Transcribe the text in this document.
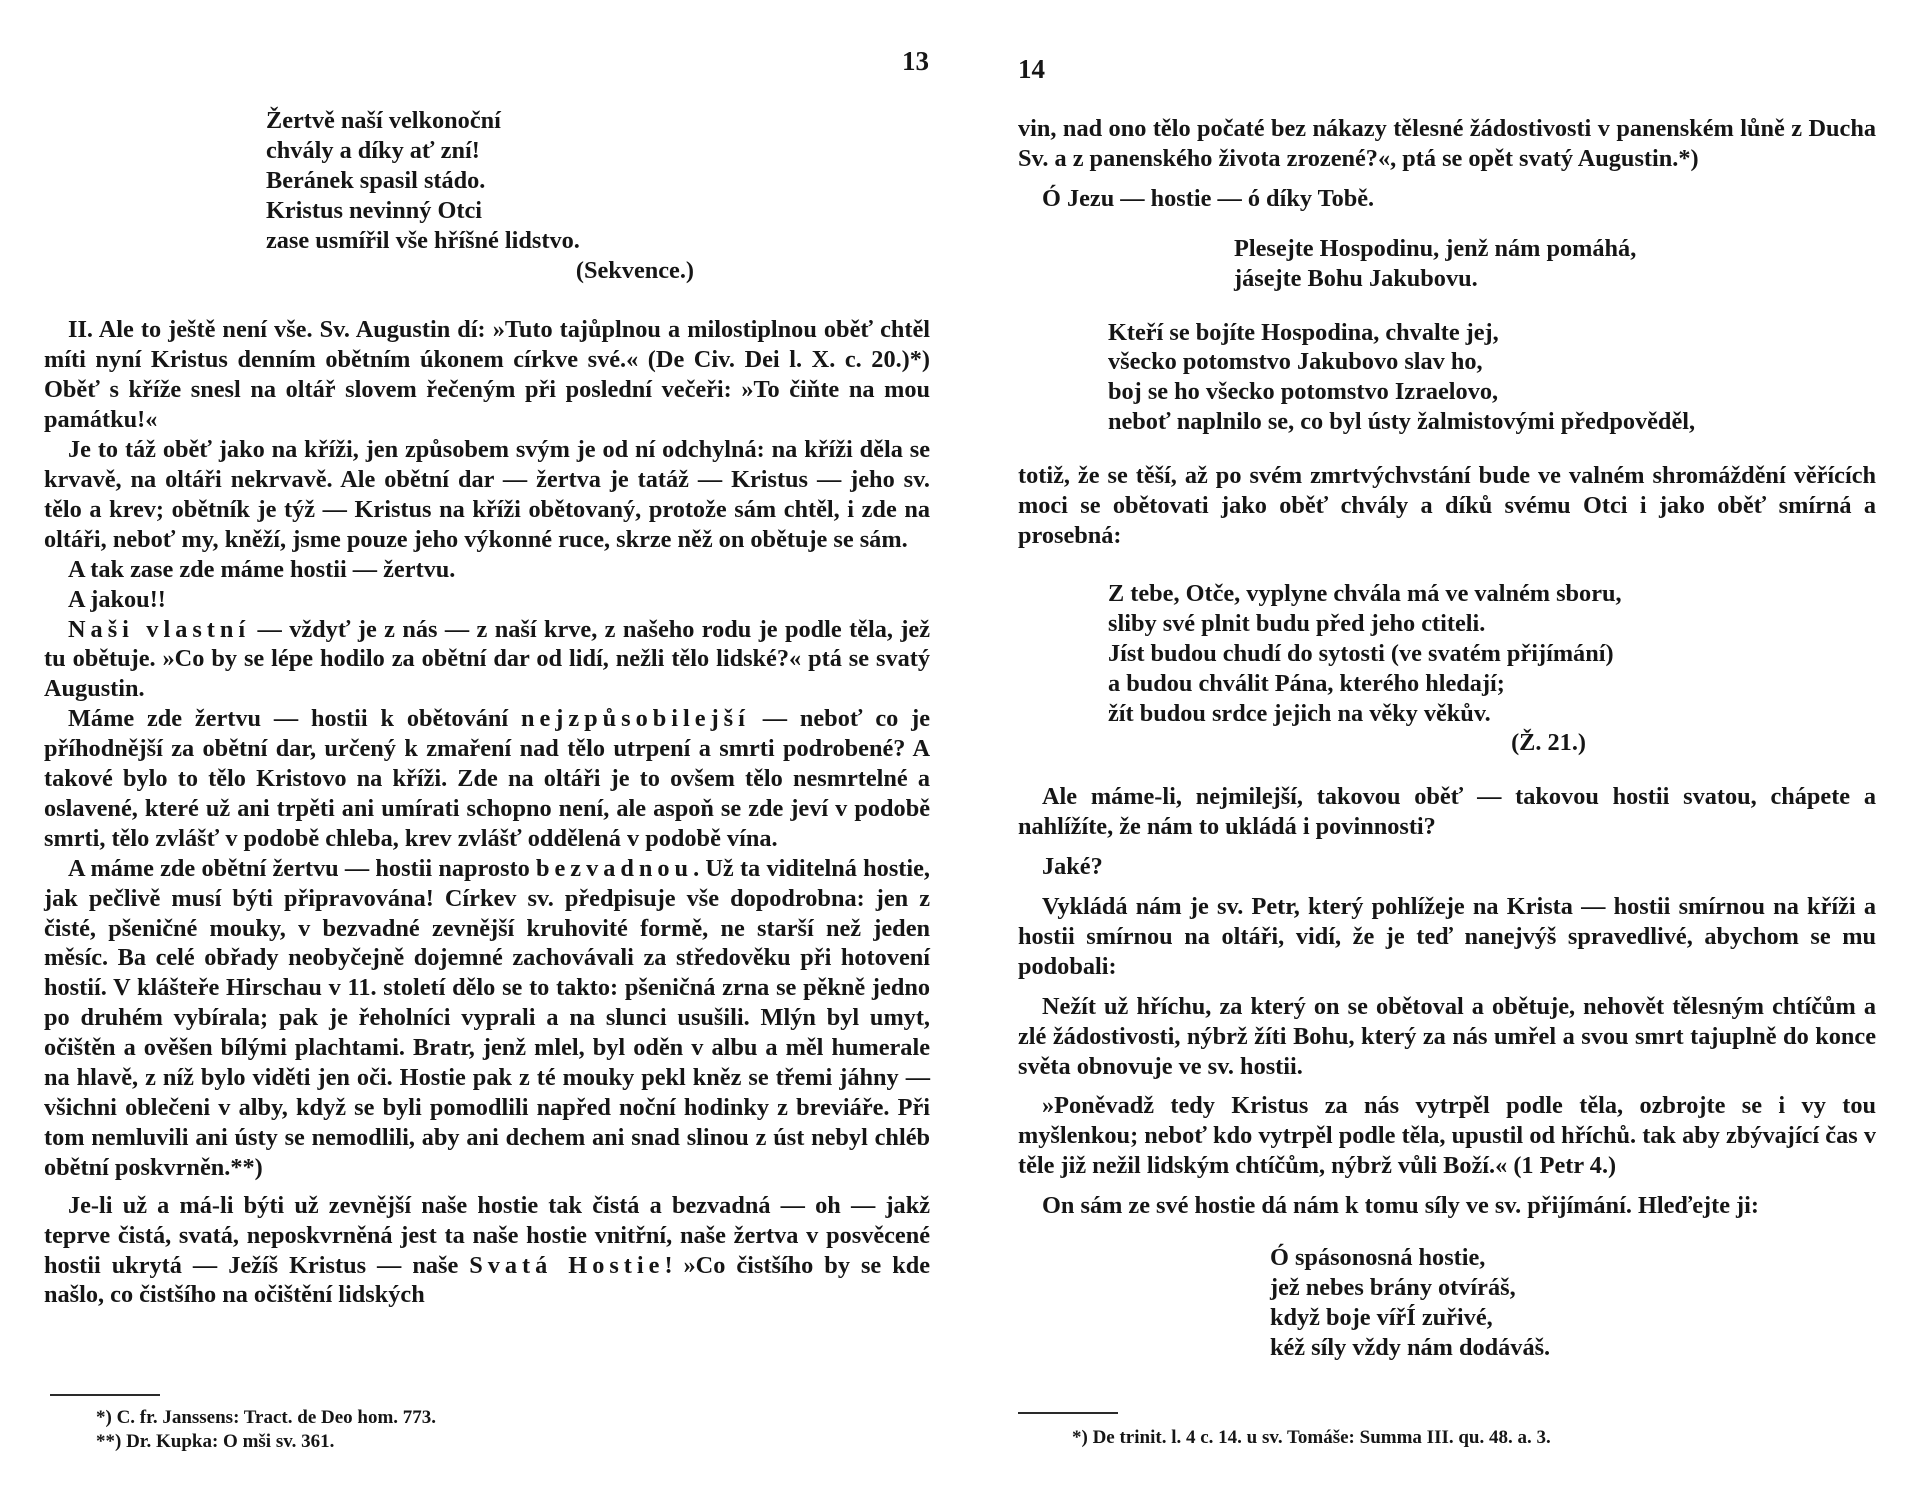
13
Žertvě naší velkonoční
chvály a díky ať zní!
Beránek spasil stádo.
Kristus nevinný Otci
zase usmířil vše hříšné lidstvo.
(Sekvence.)

II. Ale to ještě není vše. Sv. Augustin dí: »Tuto tajůplnou a milostiplnou oběť chtěl míti nyní Kristus denním obětním úkonem církve své.« (De Civ. Dei l. X. c. 20.)*) Oběť s kříže snesl na oltář slovem řečeným při poslední večeři: »To čiňte na mou památku!«

Je to táž oběť jako na kříži, jen způsobem svým je od ní odchylná: na kříži děla se krvavě, na oltáři nekrvavě. Ale obětní dar — žertva je tatáž — Kristus — jeho sv. tělo a krev; obětník je týž — Kristus na kříži obětovaný, protože sám chtěl, i zde na oltáři, neboť my, kněží, jsme pouze jeho výkonné ruce, skrze něž on obětuje se sám.

A tak zase zde máme hostii — žertvu.

A jakou!!

Naši vlastní — vždyť je z nás — z naší krve, z našeho rodu je podle těla, jež tu obětuje. »Co by se lépe hodilo za obětní dar od lidí, nežli tělo lidské?« ptá se svatý Augustin.

Máme zde žertvu — hostii k obětování nejzpůsobilejší — neboť co je příhodnější za obětní dar, určený k zmaření nad tělo utrpení a smrti podrobené? A takové bylo to tělo Kristovo na kříži. Zde na oltáři je to ovšem tělo nesmrtelné a oslavené, které už ani trpěti ani umírati schopno není, ale aspoň se zde jeví v podobě smrti, tělo zvlášť v podobě chleba, krev zvlášť oddělená v podobě vína.

A máme zde obětní žertvu — hostii naprosto bezvadnou. Už ta viditelná hostie, jak pečlivě musí býti připravována! Církev sv. předpisuje vše dopodrobna: jen z čisté, pšeničné mouky, v bezvadné zevnější kruhovité formě, ne starší než jeden měsíc. Ba celé obřady neobyčejně dojemné zachovávali za středověku při hotovení hostií. V klášteře Hirschau v 11. století dělo se to takto: pšeničná zrna se pěkně jedno po druhém vybírala; pak je řeholníci vyprali a na slunci usušili. Mlýn byl umyt, očištěn a ověšen bílými plachtami. Bratr, jenž mlel, byl oděn v albu a měl humerale na hlavě, z níž bylo viděti jen oči. Hostie pak z té mouky pekl kněz se třemi jáhny — všichni oblečeni v alby, když se byli pomodlili napřed noční hodinky z breviáře. Při tom nemluvili ani ústy se nemodlili, aby ani dechem ani snad slinou z úst nebyl chléb obětní poskvrněn.**)

Je-li už a má-li býti už zevnější naše hostie tak čistá a bezvadná — oh — jakž teprve čistá, svatá, neposkvrněná jest ta naše hostie vnitřní, naše žertva v posvěcené hostii ukrytá — Ježíš Kristus — naše Svatá Hostie! »Co čistšího by se kde našlo, co čistšího na očištění lidských

*) C. fr. Janssens: Tract. de Deo hom. 773.
**) Dr. Kupka: O mši sv. 361.
14

vin, nad ono tělo počaté bez nákazy tělesné žádostivosti v panenském lůně z Ducha Sv. a z panenského života zrozené?«, ptá se opět svatý Augustin.*)

Ó Jezu — hostie — ó díky Tobě.

Plesejte Hospodinu, jenž nám pomáhá,
jásejte Bohu Jakubovu.
Kteří se bojíte Hospodina, chvalte jej,
všecko potomstvo Jakubovo slav ho,
boj se ho všecko potomstvo Izraelovo,
neboť naplnilo se, co byl ústy žalmistovými předpověděl,

totiž, že se těší, až po svém zmrtvýchvstání bude ve valném shromáždění věřících moci se obětovati jako oběť chvály a díků svému Otci i jako oběť smírná a prosebná:

Z tebe, Otče, vyplyne chvála má ve valném sboru,
sliby své plnit budu před jeho ctiteli.
Jíst budou chudí do sytosti (ve svatém přijímání)
a budou chválit Pána, kterého hledají;
žít budou srdce jejich na věky věkův.
(Ž. 21.)

Ale máme-li, nejmilejší, takovou oběť — takovou hostii svatou, chápete a nahlížíte, že nám to ukládá i povinnosti?

Jaké?

Vykládá nám je sv. Petr, který pohlížeje na Krista — hostii smírnou na kříži a hostii smírnou na oltáři, vidí, že je teď nanejvýš spravedlivé, abychom se mu podobali:

Nežít už hříchu, za který on se obětoval a obětuje, nehovět tělesným chtíčům a zlé žádostivosti, nýbrž žíti Bohu, který za nás umřel a svou smrt tajuplně do konce světa obnovuje ve sv. hostii.

»Poněvadž tedy Kristus za nás vytrpěl podle těla, ozbrojte se i vy tou myšlenkou; neboť kdo vytrpěl podle těla, upustil od hříchů. tak aby zbývající čas v těle již nežil lidským chtíčům, nýbrž vůli Boží.« (1 Petr 4.)

On sám ze své hostie dá nám k tomu síly ve sv. přijímání. Hleďejte ji:

Ó spásonosná hostie,
jež nebes brány otvíráš,
když boje vířÍ zuřivé,
kéž síly vždy nám dodáváš.
*) De trinit. l. 4 c. 14. u sv. Tomáše: Summa III. qu. 48. a. 3.
